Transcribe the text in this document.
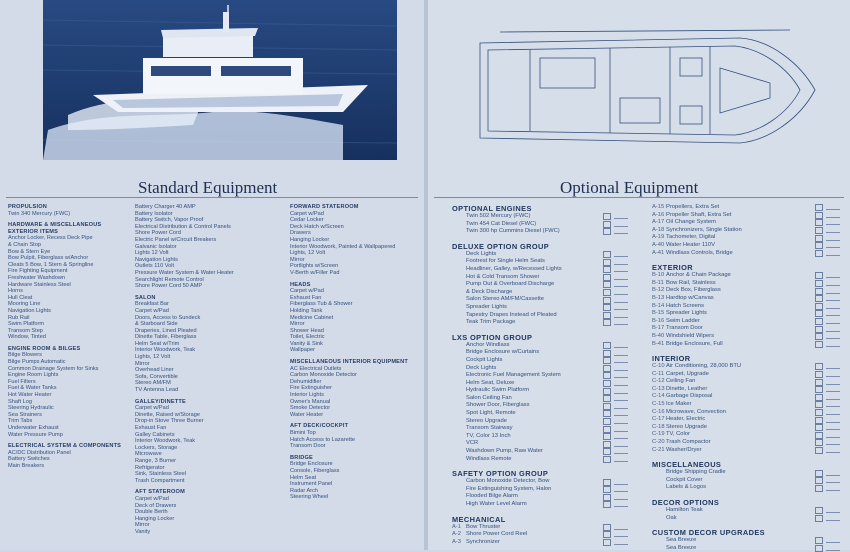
Standard Equipment
PROPULSION
Twin 340 Mercury (FWC)
HARDWARE & MISCELLANEOUS EXTERIOR ITEMS
Anchor Locker, Recess Deck Pipe
& Chain Stop
Bow & Stern Eye
Bow Pulpit, Fiberglass w/Anchor
Cleats 5 Bow, 1 Stern & Springline
Fire Fighting Equipment
Freshwater Washdown
Hardware Stainless Steel
Horns
Hull Cleat
Mooring Line
Navigation Lights
Rub Rail
Swim Platform
Transom Step
Window, Tinted
ENGINE ROOM & BILGES
Bilge Blowers
Bilge Pumps Automatic
Common Drainage System for Sinks
Engine Room Lights
Fuel Filters
Fuel & Water Tanks
Hot Water Heater
Shaft Log
Steering Hydraulic
Sea Strainers
Trim Tabs
Underwater Exhaust
Water Pressure Pump
ELECTRICAL SYSTEM & COMPONENTS
AC/DC Distribution Panel
Battery Switches
Main Breakers
Battery Charger 40 AMP
Battery Isolator
Battery Switch, Vapor Proof
Electrical Distribution & Control Panels
Shore Power Cord
Electric Panel w/Circuit Breakers
Galvanic Isolator
Lights 12 Volt
Navigation Lights
Outlets 110 Volt
Pressure Water System & Water Heater
Searchlight Remote Control
Shore Power Cord 50 AMP
SALON
Breakfast Bar
Carpet w/Pad
Doors, Access to Sundeck
& Starboard Side
Draperies, Lined Pleated
Dinette Table, Fiberglass
Helm Seat w/Trim
Interior Woodwork, Teak
Lights, 12 Volt
Mirror
Overhead Liner
Sofa, Convertible
Stereo AM/FM
TV Antenna Lead
GALLEY/DINETTE
Carpet w/Pad
Dinette, Raised w/Storage
Drop-in Stove Three Burner
Exhaust Fan
Galley Cabinets
Interior Woodwork, Teak
Lockers, Storage
Microwave
Range, 3 Burner
Refrigerator
Sink, Stainless Steel
Trash Compartment
AFT STATEROOM
Carpet w/Pad
Deck of Drawers
Double Berth
Hanging Locker
Mirror
Vanity
FORWARD STATEROOM
Carpet w/Pad
Cedar Locker
Deck Hatch w/Screen
Drawers
Hanging Locker
Interior Woodwork, Painted & Wallpapered
Lights, 12 Volt
Mirror
Portlights w/Screen
V-Berth w/Filler Pad
HEADS
Carpet w/Pad
Exhaust Fan
Fiberglass Tub & Shower
Holding Tank
Medicine Cabinet
Mirror
Shower Head
Toilet, Electric
Vanity & Sink
Wallpaper
MISCELLANEOUS INTERIOR EQUIPMENT
AC Electrical Outlets
Carbon Monoxide Detector
Dehumidifier
Fire Extinguisher
Interior Lights
Owner's Manual
Smoke Detector
Water Heater
AFT DECK/COCKPIT
Bimini Top
Hatch Access to Lazarette
Transom Door
BRIDGE
Bridge Enclosure
Console, Fiberglass
Helm Seat
Instrument Panel
Radar Arch
Steering Wheel
Optional Equipment
OPTIONAL ENGINES
Twin 502 Mercury (FWC)
Twin 454 Cat Diesel (FWC)
Twin 300 hp Cummins Diesel (FWC)
DELUXE OPTION GROUP
Deck Lights
Footrest for Single Helm Seats
Headliner, Galley, w/Recessed Lights
Hot & Cold Transom Shower
Pump Out & Overboard Discharge
& Deck Discharge
Salon Stereo AM/FM/Cassette
Spreader Lights
Tapestry Drapes Instead of Pleated
Teak Trim Package
LXS OPTION GROUP
Anchor Windlass
Bridge Enclosure w/Curtains
Cockpit Lights
Deck Lights
Electronic Fuel Management System
Helm Seat, Deluxe
Hydraulic Swim Platform
Salon Ceiling Fan
Shower Door, Fiberglass
Spot Light, Remote
Stereo Upgrade
Transom Stairway
TV, Color 13 Inch
VCR
Washdown Pump, Raw Water
Windlass Remote
SAFETY OPTION GROUP
Carbon Monoxide Detector, Bow
Fire Extinguishing System, Halon
Flooded Bilge Alarm
High Water Level Alarm
MECHANICAL
A-1 Bow Thruster
A-2 Shore Power Cord Reel
A-3 Synchronizer
A-15 Propellers, Extra Set
A-16 Propeller Shaft, Extra Set
A-17 Oil Change System
A-18 Synchronizers, Single Station
A-19 Tachometer, Digital
A-40 Water Heater 110V
A-41 Windlass Controls, Bridge
EXTERIOR
B-10 Anchor & Chain Package
B-11 Bow Rail, Stainless
B-12 Deck Box, Fiberglass
B-13 Hardtop w/Canvas
B-14 Hatch Screens
B-15 Spreader Lights
B-16 Swim Ladder
B-17 Transom Door
B-40 Windshield Wipers
B-41 Bridge Enclosure, Full
INTERIOR
C-10 Air Conditioning, 28,000 BTU
C-11 Carpet, Upgrade
C-12 Ceiling Fan
C-13 Dinette, Leather
C-14 Garbage Disposal
C-15 Ice Maker
C-16 Microwave, Convection
C-17 Heater, Electric
C-18 Stereo Upgrade
C-19 TV, Color
C-20 Trash Compactor
C-21 Washer/Dryer
MISCELLANEOUS
Bridge Shipping Cradle
Cockpit Cover
Labels & Logos
DECOR OPTIONS
Hamilton Teak
Oak
CUSTOM DECOR UPGRADES
Sea Breeze
Sea Breeze
